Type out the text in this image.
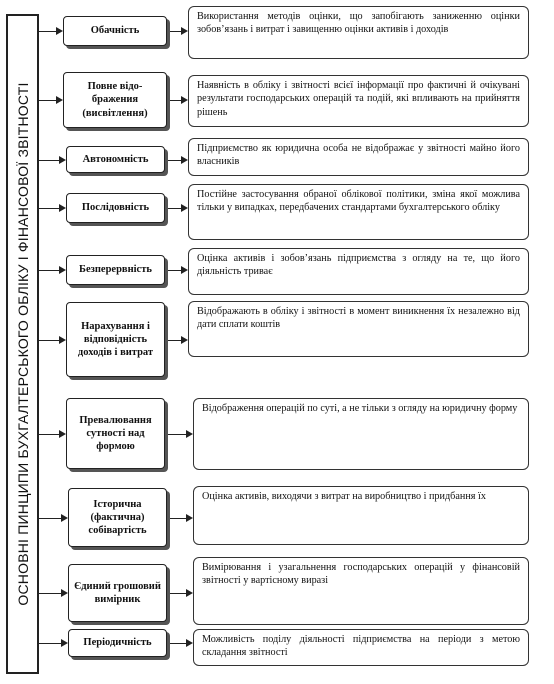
ОСНОВНІ ПИНЦИПИ БУХГАЛТЕРСЬКОГО ОБЛІКУ І ФІНАНСОВОЇ ЗВІТНОСТІ
Обачність
Використання методів оцінки, що запобігають заниженню оцінки зобов’язань і витрат і завищенню оцінки активів і доходів
Повне відо-бражения (висвітлення)
Наявність в обліку і звітності всієї інформації про фактичні й очікувані результати господарських операцій та подій, які впливають на прийняття рішень
Автономність
Підприємство як юридична особа не відображає у звітності майно його власників
Послідовність
Постійне застосування обраної облікової політики, зміна якої можлива тільки у випадках, передбачених стандартами бухгалтерського обліку
Безперервність
Оцінка активів і зобов’язань підприємства з огляду на те, що його діяльність триває
Нарахування і відповідність доходів і витрат
Відображають в обліку і звітності в момент виникнення їх незалежно від дати сплати коштів
Превалювання сутності над формою
Відображення операцій по суті, а не тільки з огляду на юридичну форму
Історична (фактична) собівартість
Оцінка активів, виходячи з витрат на виробництво і придбання їх
Єдиний грошовий вимірник
Вимірювання і узагальнення господарських операцій у фінансовій звітності у вартісному виразі
Періодичність	Можливість поділу діяльності підприємства на періоди з метою складання звітності
